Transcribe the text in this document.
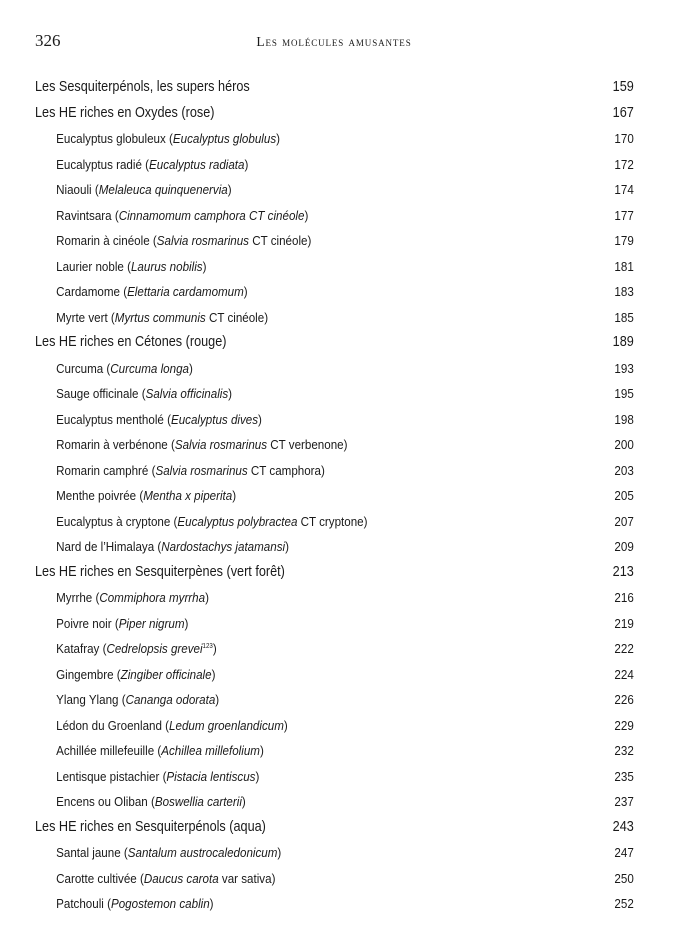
326	Les molécules amusantes
Les Sesquiterpénols, les supers héros	159
Les HE riches en Oxydes (rose)	167
Eucalyptus globuleux (Eucalyptus globulus)	170
Eucalyptus radié (Eucalyptus radiata)	172
Niaouli (Melaleuca quinquenervia)	174
Ravintsara (Cinnamomum camphora CT cinéole)	177
Romarin à cinéole (Salvia rosmarinus CT cinéole)	179
Laurier noble (Laurus nobilis)	181
Cardamome (Elettaria cardamomum)	183
Myrte vert (Myrtus communis CT cinéole)	185
Les HE riches en Cétones (rouge)	189
Curcuma (Curcuma longa)	193
Sauge officinale (Salvia officinalis)	195
Eucalyptus mentholé (Eucalyptus dives)	198
Romarin à verbénone (Salvia rosmarinus CT verbenone)	200
Romarin camphré (Salvia rosmarinus CT camphora)	203
Menthe poivrée (Mentha x piperita)	205
Eucalyptus à cryptone (Eucalyptus polybractea CT cryptone)	207
Nard de l’Himalaya (Nardostachys jatamansi)	209
Les HE riches en Sesquiterpènes (vert forêt)	213
Myrrhe (Commiphora myrrha)	216
Poivre noir (Piper nigrum)	219
Katafray (Cedrelopsis grevei$^{123}$)	222
Gingembre (Zingiber officinale)	224
Ylang Ylang (Cananga odorata)	226
Lédon du Groenland (Ledum groenlandicum)	229
Achillée millefeuille (Achillea millefolium)	232
Lentisque pistachier (Pistacia lentiscus)	235
Encens ou Oliban (Boswellia carterii)	237
Les HE riches en Sesquiterpénols (aqua)	243
Santal jaune (Santalum austrocaledonicum)	247
Carotte cultivée (Daucus carota var sativa)	250
Patchouli (Pogostemon cablin)	252
